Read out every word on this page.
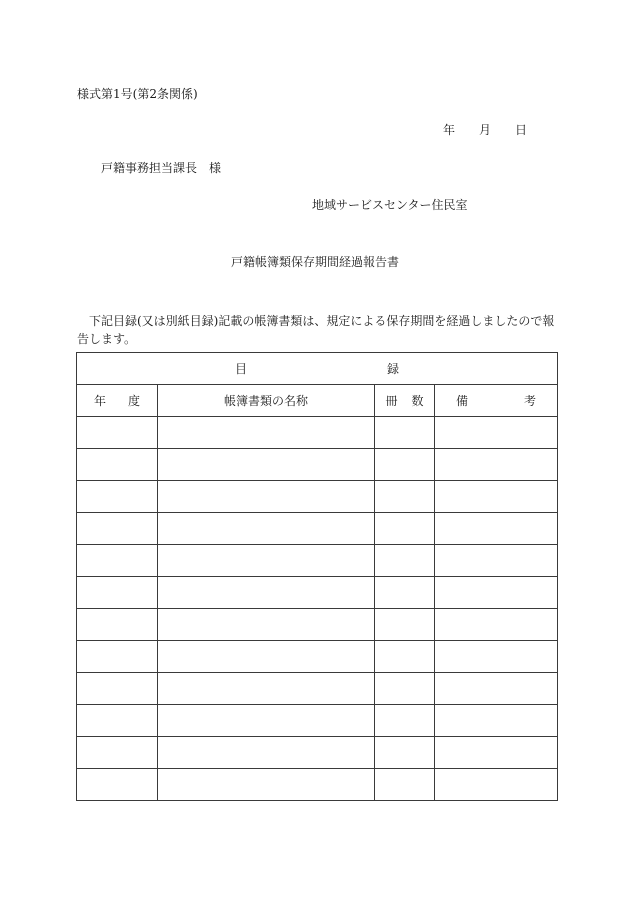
様式第1号(第2条関係)
年 月 日
戸籍事務担当課長 様
地域サービスセンター住民室
戸籍帳簿類保存期間経過報告書
下記目録(又は別紙目録)記載の帳簿書類は、規定による保存期間を経過しましたので報告します。
目 録			
年 度	帳簿書類の名称	冊 数	備 考
